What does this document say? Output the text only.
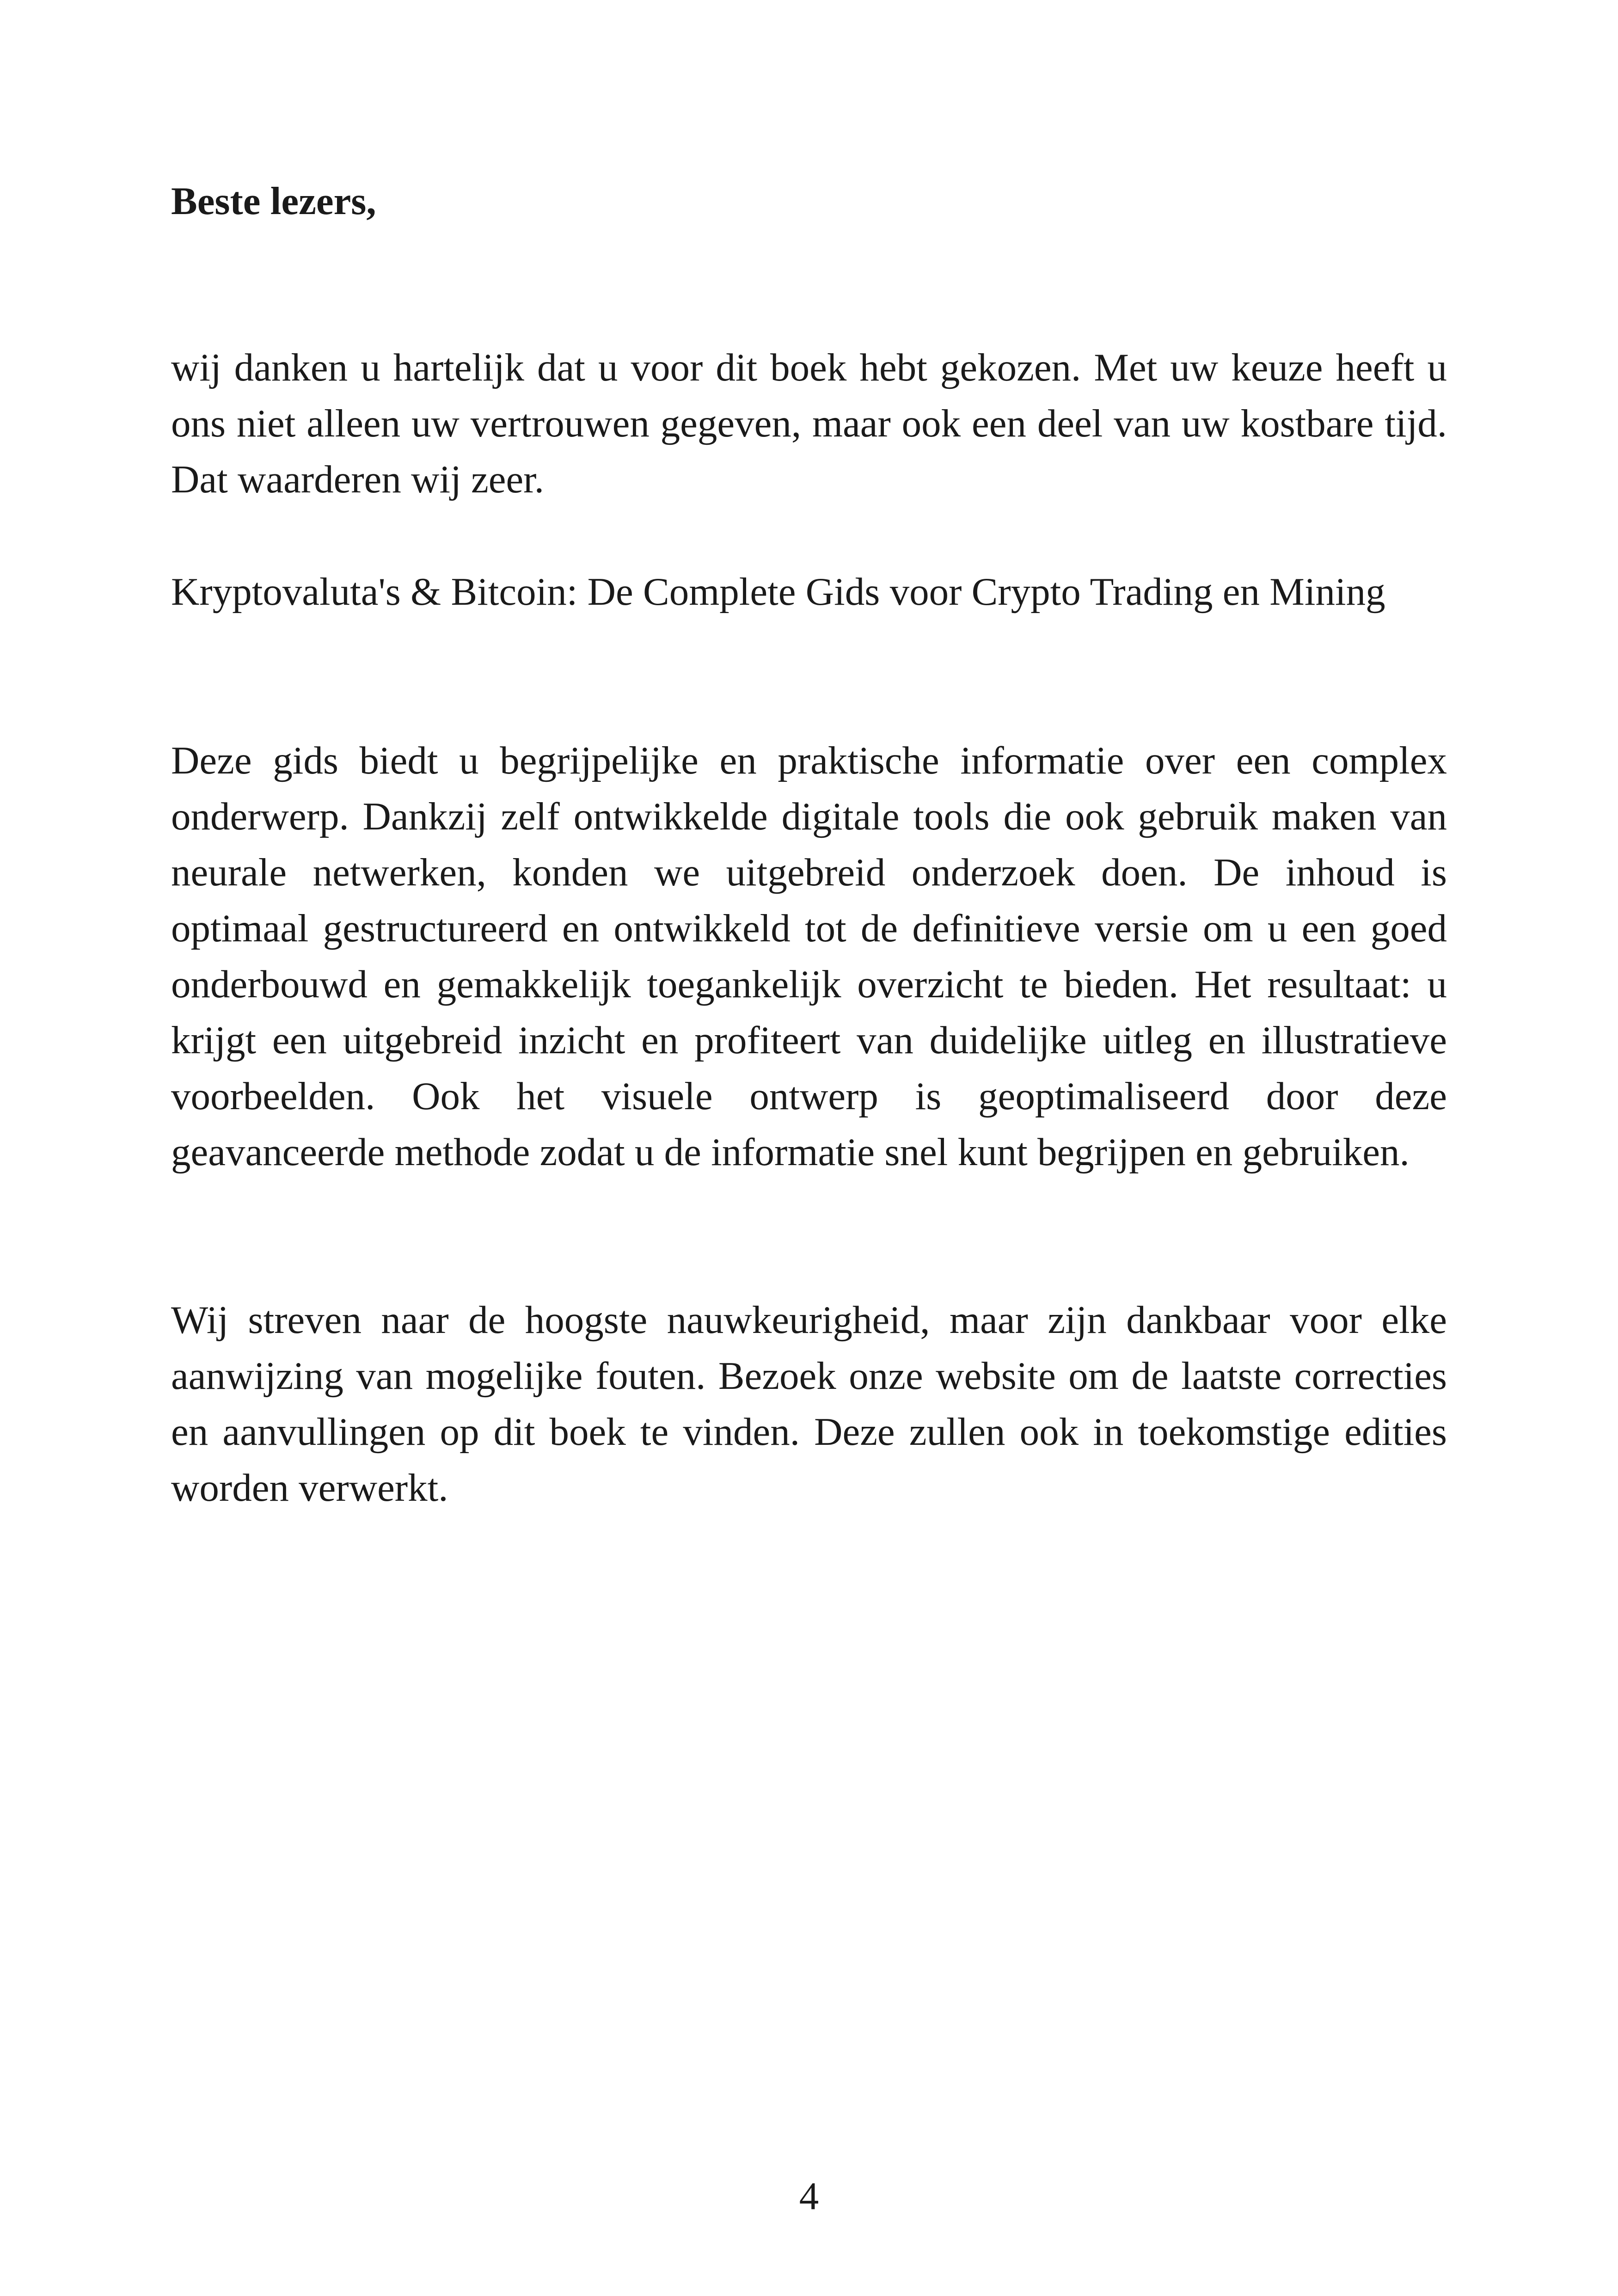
Beste lezers,

wij danken u hartelijk dat u voor dit boek hebt gekozen. Met uw keuze heeft u ons niet alleen uw vertrouwen gegeven, maar ook een deel van uw kostbare tijd. Dat waarderen wij zeer.

Kryptovaluta's & Bitcoin: De Complete Gids voor Crypto Trading en Mining

Deze gids biedt u begrijpelijke en praktische informatie over een complex onderwerp. Dankzij zelf ontwikkelde digitale tools die ook gebruik maken van neurale netwerken, konden we uitgebreid onderzoek doen. De inhoud is optimaal gestructureerd en ontwikkeld tot de definitieve versie om u een goed onderbouwd en gemakkelijk toegankelijk overzicht te bieden. Het resultaat: u krijgt een uitgebreid inzicht en profiteert van duidelijke uitleg en illustratieve voorbeelden. Ook het visuele ontwerp is geoptimaliseerd door deze geavanceerde methode zodat u de informatie snel kunt begrijpen en gebruiken.

Wij streven naar de hoogste nauwkeurigheid, maar zijn dankbaar voor elke aanwijzing van mogelijke fouten. Bezoek onze website om de laatste correcties en aanvullingen op dit boek te vinden. Deze zullen ook in toekomstige edities worden verwerkt.

4
